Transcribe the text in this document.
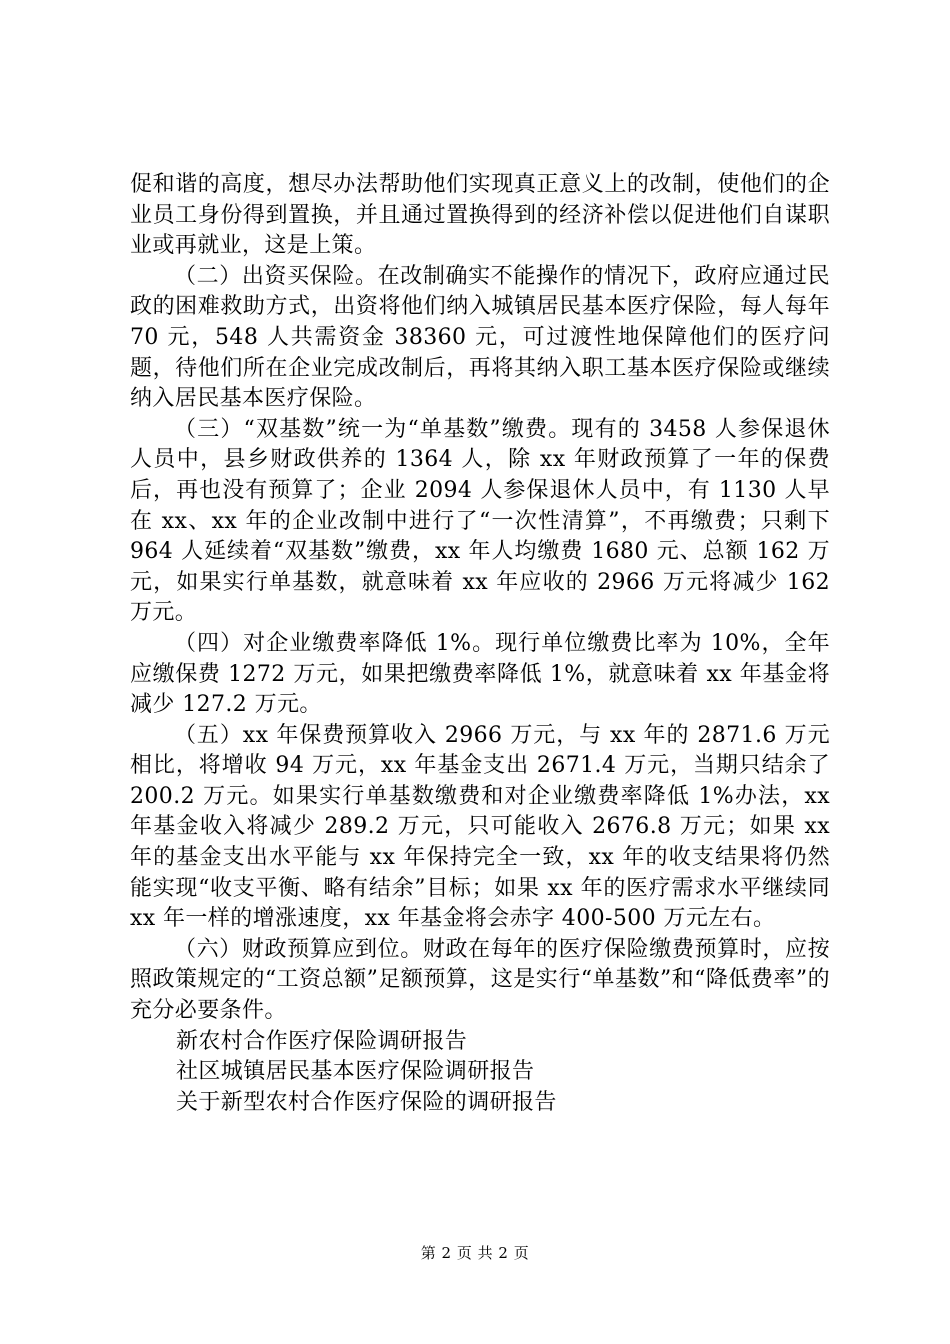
促和谐的高度，想尽办法帮助他们实现真正意义上的改制，使他们的企业员工身份得到置换，并且通过置换得到的经济补偿以促进他们自谋职业或再就业，这是上策。

（二）出资买保险。在改制确实不能操作的情况下，政府应通过民政的困难救助方式，出资将他们纳入城镇居民基本医疗保险，每人每年 70 元，548 人共需资金 38360 元，可过渡性地保障他们的医疗问题，待他们所在企业完成改制后，再将其纳入职工基本医疗保险或继续纳入居民基本医疗保险。

（三）“双基数”统一为“单基数”缴费。现有的 3458 人参保退休人员中，县乡财政供养的 1364 人，除 xx 年财政预算了一年的保费后，再也没有预算了；企业 2094 人参保退休人员中，有 1130 人早在 xx、xx 年的企业改制中进行了“一次性清算”，不再缴费；只剩下 964 人延续着“双基数”缴费，xx 年人均缴费 1680 元、总额 162 万元，如果实行单基数，就意味着 xx 年应收的 2966 万元将减少 162 万元。

（四）对企业缴费率降低 1%。现行单位缴费比率为 10%，全年应缴保费 1272 万元，如果把缴费率降低 1%，就意味着 xx 年基金将减少 127.2 万元。

（五）xx 年保费预算收入 2966 万元，与 xx 年的 2871.6 万元相比，将增收 94 万元，xx 年基金支出 2671.4 万元，当期只结余了 200.2 万元。如果实行单基数缴费和对企业缴费率降低 1%办法，xx 年基金收入将减少 289.2 万元，只可能收入 2676.8 万元；如果 xx 年的基金支出水平能与 xx 年保持完全一致，xx 年的收支结果将仍然能实现“收支平衡、略有结余”目标；如果 xx 年的医疗需求水平继续同 xx 年一样的增涨速度，xx 年基金将会赤字 400-500 万元左右。

（六）财政预算应到位。财政在每年的医疗保险缴费预算时，应按照政策规定的“工资总额”足额预算，这是实行“单基数”和“降低费率”的充分必要条件。

新农村合作医疗保险调研报告
社区城镇居民基本医疗保险调研报告
关于新型农村合作医疗保险的调研报告
第 2 页 共 2 页
